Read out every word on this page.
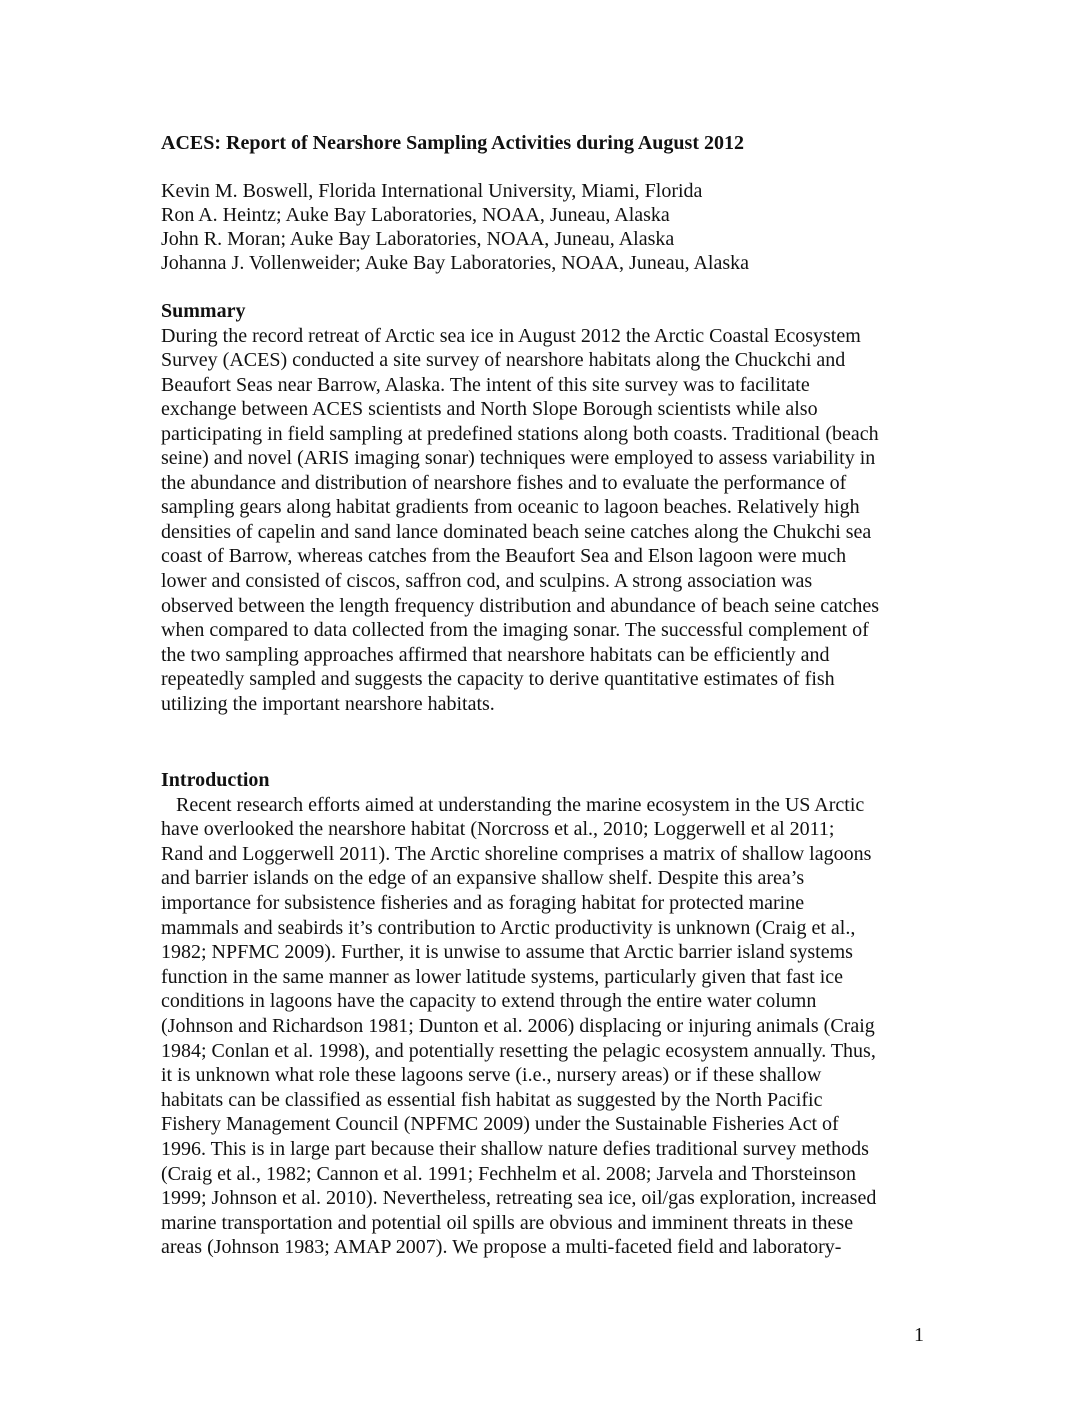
ACES: Report of Nearshore Sampling Activities during August 2012
Kevin M. Boswell, Florida International University, Miami, Florida
Ron A. Heintz; Auke Bay Laboratories, NOAA, Juneau, Alaska
John R. Moran; Auke Bay Laboratories, NOAA, Juneau, Alaska
Johanna J. Vollenweider; Auke Bay Laboratories, NOAA, Juneau, Alaska
Summary
During the record retreat of Arctic sea ice in August 2012 the Arctic Coastal Ecosystem
Survey (ACES) conducted a site survey of nearshore habitats along the Chuckchi and
Beaufort Seas near Barrow, Alaska. The intent of this site survey was to facilitate
exchange between ACES scientists and North Slope Borough scientists while also
participating in field sampling at predefined stations along both coasts. Traditional (beach
seine) and novel (ARIS imaging sonar) techniques were employed to assess variability in
the abundance and distribution of nearshore fishes and to evaluate the performance of
sampling gears along habitat gradients from oceanic to lagoon beaches. Relatively high
densities of capelin and sand lance dominated beach seine catches along the Chukchi sea
coast of Barrow, whereas catches from the Beaufort Sea and Elson lagoon were much
lower and consisted of ciscos, saffron cod, and sculpins. A strong association was
observed between the length frequency distribution and abundance of beach seine catches
when compared to data collected from the imaging sonar. The successful complement of
the two sampling approaches affirmed that nearshore habitats can be efficiently and
repeatedly sampled and suggests the capacity to derive quantitative estimates of fish
utilizing the important nearshore habitats.
Introduction
Recent research efforts aimed at understanding the marine ecosystem in the US Arctic
have overlooked the nearshore habitat (Norcross et al., 2010; Loggerwell et al 2011;
Rand and Loggerwell 2011). The Arctic shoreline comprises a matrix of shallow lagoons
and barrier islands on the edge of an expansive shallow shelf. Despite this area’s
importance for subsistence fisheries and as foraging habitat for protected marine
mammals and seabirds it’s contribution to Arctic productivity is unknown (Craig et al.,
1982; NPFMC 2009). Further, it is unwise to assume that Arctic barrier island systems
function in the same manner as lower latitude systems, particularly given that fast ice
conditions in lagoons have the capacity to extend through the entire water column
(Johnson and Richardson 1981; Dunton et al. 2006) displacing or injuring animals (Craig
1984; Conlan et al. 1998), and potentially resetting the pelagic ecosystem annually. Thus,
it is unknown what role these lagoons serve (i.e., nursery areas) or if these shallow
habitats can be classified as essential fish habitat as suggested by the North Pacific
Fishery Management Council (NPFMC 2009) under the Sustainable Fisheries Act of
1996. This is in large part because their shallow nature defies traditional survey methods
(Craig et al., 1982; Cannon et al. 1991; Fechhelm et al. 2008; Jarvela and Thorsteinson
1999; Johnson et al. 2010). Nevertheless, retreating sea ice, oil/gas exploration, increased
marine transportation and potential oil spills are obvious and imminent threats in these
areas (Johnson 1983; AMAP 2007). We propose a multi-faceted field and laboratory-
1
